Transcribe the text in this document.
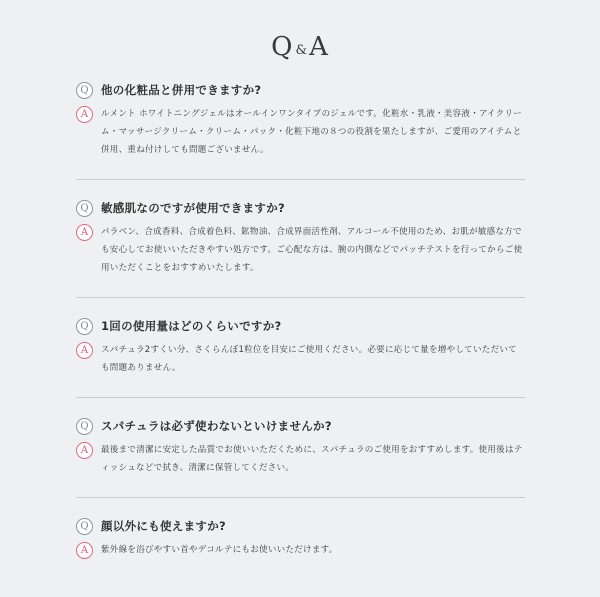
Q &A
Q	他の化粧品と併用できますか?
A	ルメント ホワイトニングジェルはオールインワンタイプのジェルです。化粧水・乳液・美容液・アイクリーム・マッサージクリーム・クリーム・パック・化粧下地の８つの役割を果たしますが、ご愛用のアイテムと併用、重ね付けしても問題ございません。
Q	敏感肌なのですが使用できますか?
A	パラベン、合成香料、合成着色料、鉱物油、合成界面活性剤、アルコール不使用のため、お肌が敏感な方でも安心してお使いいただきやすい処方です。ご心配な方は、腕の内側などでパッチテストを行ってからご使用いただくことをおすすめいたします。
Q	1回の使用量はどのくらいですか?
A	スパチュラ2すくい分、さくらんぼ1粒位を目安にご使用ください。必要に応じて量を増やしていただいても問題ありません。
Q	スパチュラは必ず使わないといけませんか?
A	最後まで清潔に安定した品質でお使いいただくために、スパチュラのご使用をおすすめします。使用後はティッシュなどで拭き、清潔に保管してください。
Q	顔以外にも使えますか?
A	紫外線を浴びやすい首やデコルテにもお使いいただけます。
